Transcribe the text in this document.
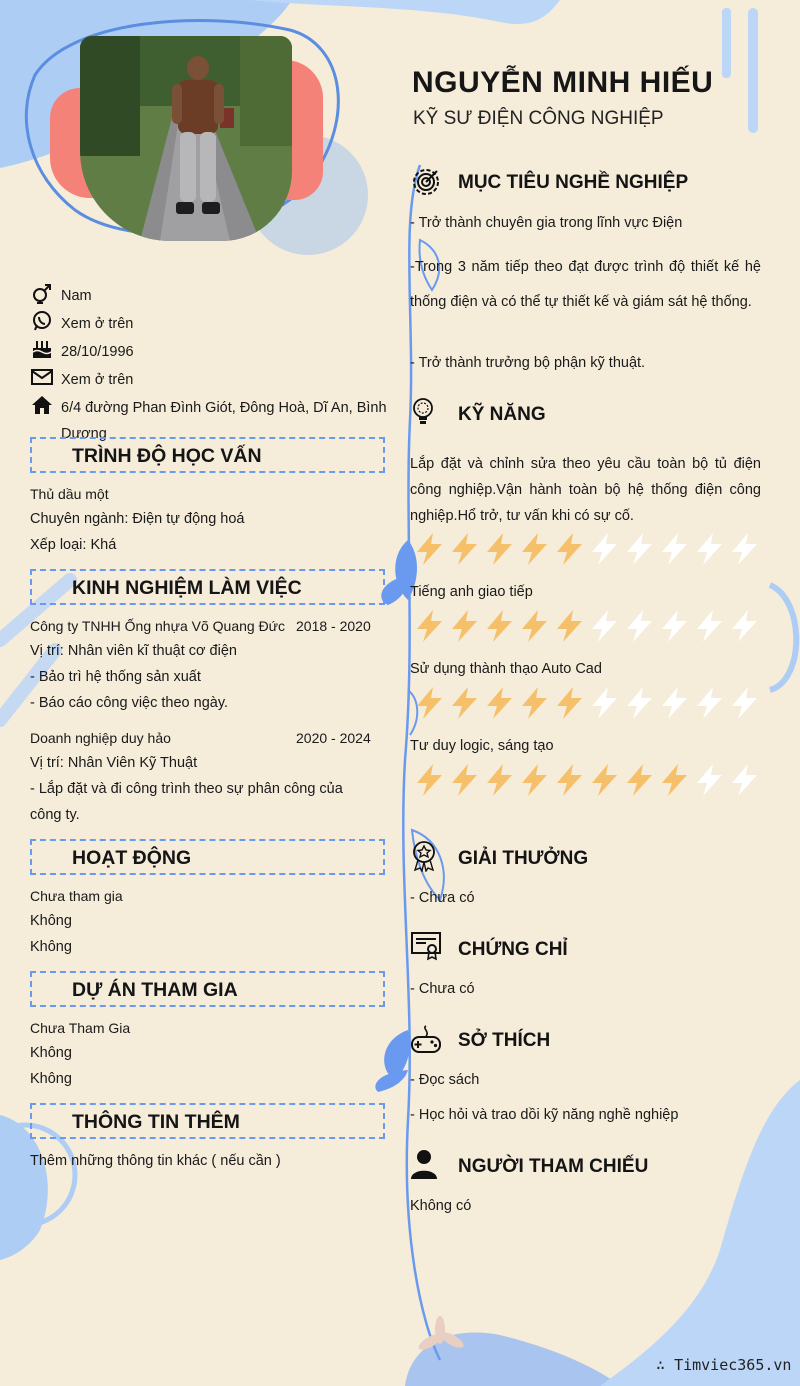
NGUYỄN MINH HIẾU
KỸ SƯ ĐIỆN CÔNG NGHIỆP
Nam
Xem ở trên
28/10/1996
Xem ở trên
6/4 đường Phan Đình Giót, Đông Hoà, Dĩ An, Bình Dương
TRÌNH ĐỘ HỌC VẤN
Thủ dầu một
Chuyên ngành: Điện tự động hoá
Xếp loại: Khá
KINH NGHIỆM LÀM VIỆC
Công ty TNHH Ống nhựa Võ Quang Đức 2018 - 2020
Vị trí: Nhân viên kĩ thuật cơ điện
- Bảo trì hệ thống sản xuất
- Báo cáo công việc theo ngày.
Doanh nghiệp duy hảo	2020 - 2024
Vị trí: Nhân Viên Kỹ Thuật
- Lắp đặt và đi công trình theo sự phân công của
công ty.
HOẠT ĐỘNG
Chưa tham gia
Không
Không
DỰ ÁN THAM GIA
Chưa Tham Gia
Không
Không
THÔNG TIN THÊM
Thêm những thông tin khác ( nếu cần )
MỤC TIÊU NGHỀ NGHIỆP
- Trở thành chuyên gia trong lĩnh vực Điện
-Trong 3 năm tiếp theo đạt được trình độ thiết kế hệ thống điện và có thể tự thiết kế và giám sát hệ thống.
- Trở thành trưởng bộ phận kỹ thuật.
KỸ NĂNG
Lắp đặt và chỉnh sửa theo yêu cầu toàn bộ tủ điện công nghiệp.Vận hành toàn bộ hệ thống điện công nghiệp.Hổ trở, tư vấn khi có sự cố.
Tiếng anh giao tiếp
Sử dụng thành thạo Auto Cad
Tư duy logic, sáng tạo
GIẢI THƯỞNG
- Chưa có
CHỨNG CHỈ
- Chưa có
SỞ THÍCH
- Đọc sách
- Học hỏi và trao dồi kỹ năng nghề nghiệp
NGƯỜI THAM CHIẾU
Không có
∴ Timviec365.vn
